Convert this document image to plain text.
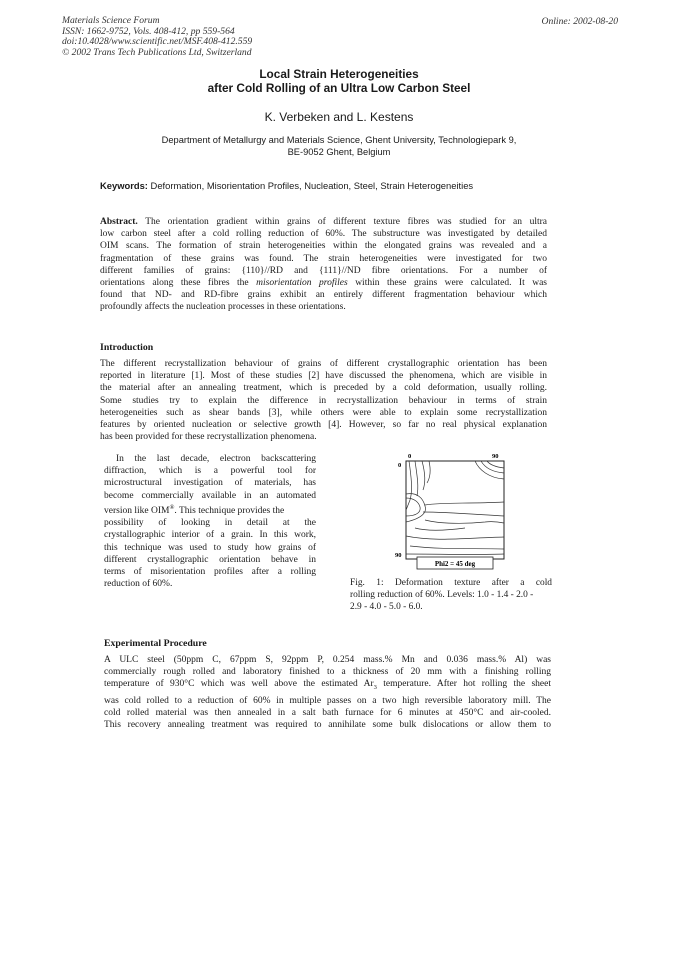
Materials Science Forum
ISSN: 1662-9752, Vols. 408-412, pp 559-564
doi:10.4028/www.scientific.net/MSF.408-412.559
© 2002 Trans Tech Publications Ltd, Switzerland
Online: 2002-08-20
Local Strain Heterogeneities
after Cold Rolling of an Ultra Low Carbon Steel
K. Verbeken and L. Kestens
Department of Metallurgy and Materials Science, Ghent University, Technologiepark 9,
BE-9052 Ghent, Belgium
Keywords: Deformation, Misorientation Profiles, Nucleation, Steel, Strain Heterogeneities
Abstract. The orientation gradient within grains of different texture fibres was studied for an ultra
low carbon steel after a cold rolling reduction of 60%. The substructure was investigated by detailed
OIM scans. The formation of strain heterogeneities within the elongated grains was revealed and a
fragmentation of these grains was found. The strain heterogeneities were investigated for two
different families of grains: {110}//RD and {111}//ND fibre orientations. For a number of
orientations along these fibres the misorientation profiles within these grains were calculated. It was
found that ND- and RD-fibre grains exhibit an entirely different fragmentation behaviour which
profoundly affects the nucleation processes in these orientations.
Introduction
The different recrystallization behaviour of grains of different crystallographic orientation has been
reported in literature [1]. Most of these studies [2] have discussed the phenomena, which are visible in
the material after an annealing treatment, which is preceded by a cold deformation, usually rolling.
Some studies try to explain the difference in recrystallization behaviour in terms of strain
heterogeneities such as shear bands [3], while others were able to explain some recrystallization
features by oriented nucleation or selective growth [4]. However, so far no real physical explanation
has been provided for these recrystallization phenomena.
In the last decade, electron backscattering
diffraction, which is a powerful tool for
microstructural investigation of materials, has
become commercially available in an automated
version like OIM®. This technique provides the
possibility of looking in detail at the
crystallographic interior of a grain. In this work,
this technique was used to study how grains of
different crystallographic orientation behave in
terms of misorientation profiles after a rolling
reduction of 60%.
0	90
0
90
Phi2 = 45 deg
Fig. 1: Deformation texture after a cold
rolling reduction of 60%. Levels: 1.0 - 1.4 - 2.0 -
2.9 - 4.0 - 5.0 - 6.0.
Experimental Procedure
A ULC steel (50ppm C, 67ppm S, 92ppm P, 0.254 mass.% Mn and 0.036 mass.% Al) was
commercially rough rolled and laboratory finished to a thickness of 20 mm with a finishing rolling
temperature of 930°C which was well above the estimated $Ar_3$ temperature. After hot rolling the sheet
was cold rolled to a reduction of 60% in multiple passes on a two high reversible laboratory mill. The
cold rolled material was then annealed in a salt bath furnace for 6 minutes at 450°C and air-cooled.
This recovery annealing treatment was required to annihilate some bulk dislocations or allow them to
